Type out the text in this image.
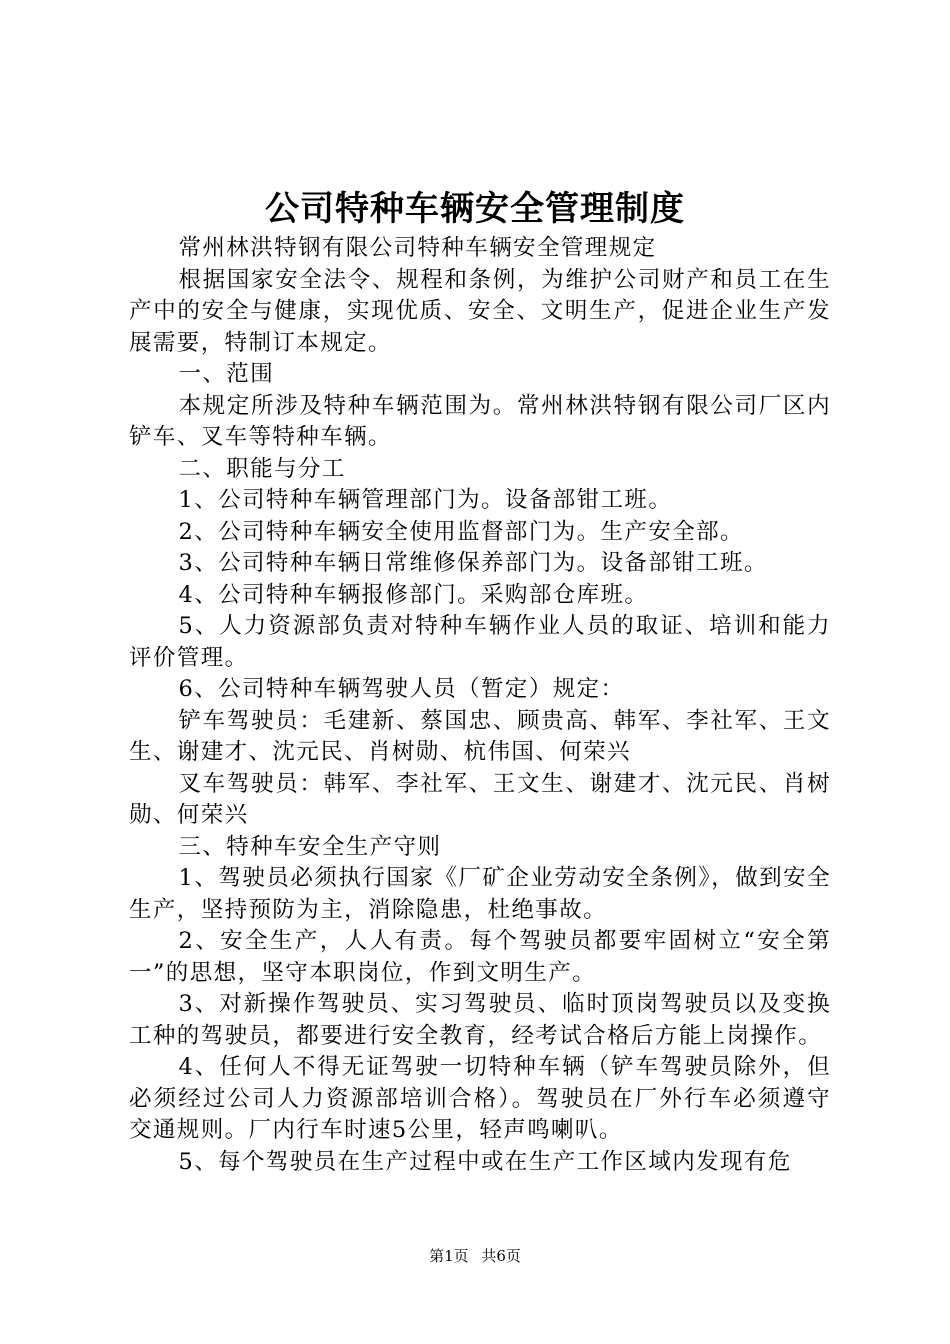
公司特种车辆安全管理制度

常州林洪特钢有限公司特种车辆安全管理规定

根据国家安全法令、规程和条例，为维护公司财产和员工在生产中的安全与健康，实现优质、安全、文明生产，促进企业生产发展需要，特制订本规定。

一、范围

本规定所涉及特种车辆范围为。常州林洪特钢有限公司厂区内铲车、叉车等特种车辆。

二、职能与分工

1、公司特种车辆管理部门为。设备部钳工班。

2、公司特种车辆安全使用监督部门为。生产安全部。

3、公司特种车辆日常维修保养部门为。设备部钳工班。

4、公司特种车辆报修部门。采购部仓库班。

5、人力资源部负责对特种车辆作业人员的取证、培训和能力评价管理。

6、公司特种车辆驾驶人员（暂定）规定：

铲车驾驶员：毛建新、蔡国忠、顾贵高、韩军、李社军、王文生、谢建才、沈元民、肖树勋、杭伟国、何荣兴

叉车驾驶员：韩军、李社军、王文生、谢建才、沈元民、肖树勋、何荣兴

三、特种车安全生产守则

1、驾驶员必须执行国家《厂矿企业劳动安全条例》，做到安全生产，坚持预防为主，消除隐患，杜绝事故。

2、安全生产，人人有责。每个驾驶员都要牢固树立“安全第一”的思想，坚守本职岗位，作到文明生产。

3、对新操作驾驶员、实习驾驶员、临时顶岗驾驶员以及变换工种的驾驶员，都要进行安全教育，经考试合格后方能上岗操作。

4、任何人不得无证驾驶一切特种车辆（铲车驾驶员除外，但必须经过公司人力资源部培训合格）。驾驶员在厂外行车必须遵守交通规则。厂内行车时速5公里，轻声鸣喇叭。

5、每个驾驶员在生产过程中或在生产工作区域内发现有危

第1页 共6页
